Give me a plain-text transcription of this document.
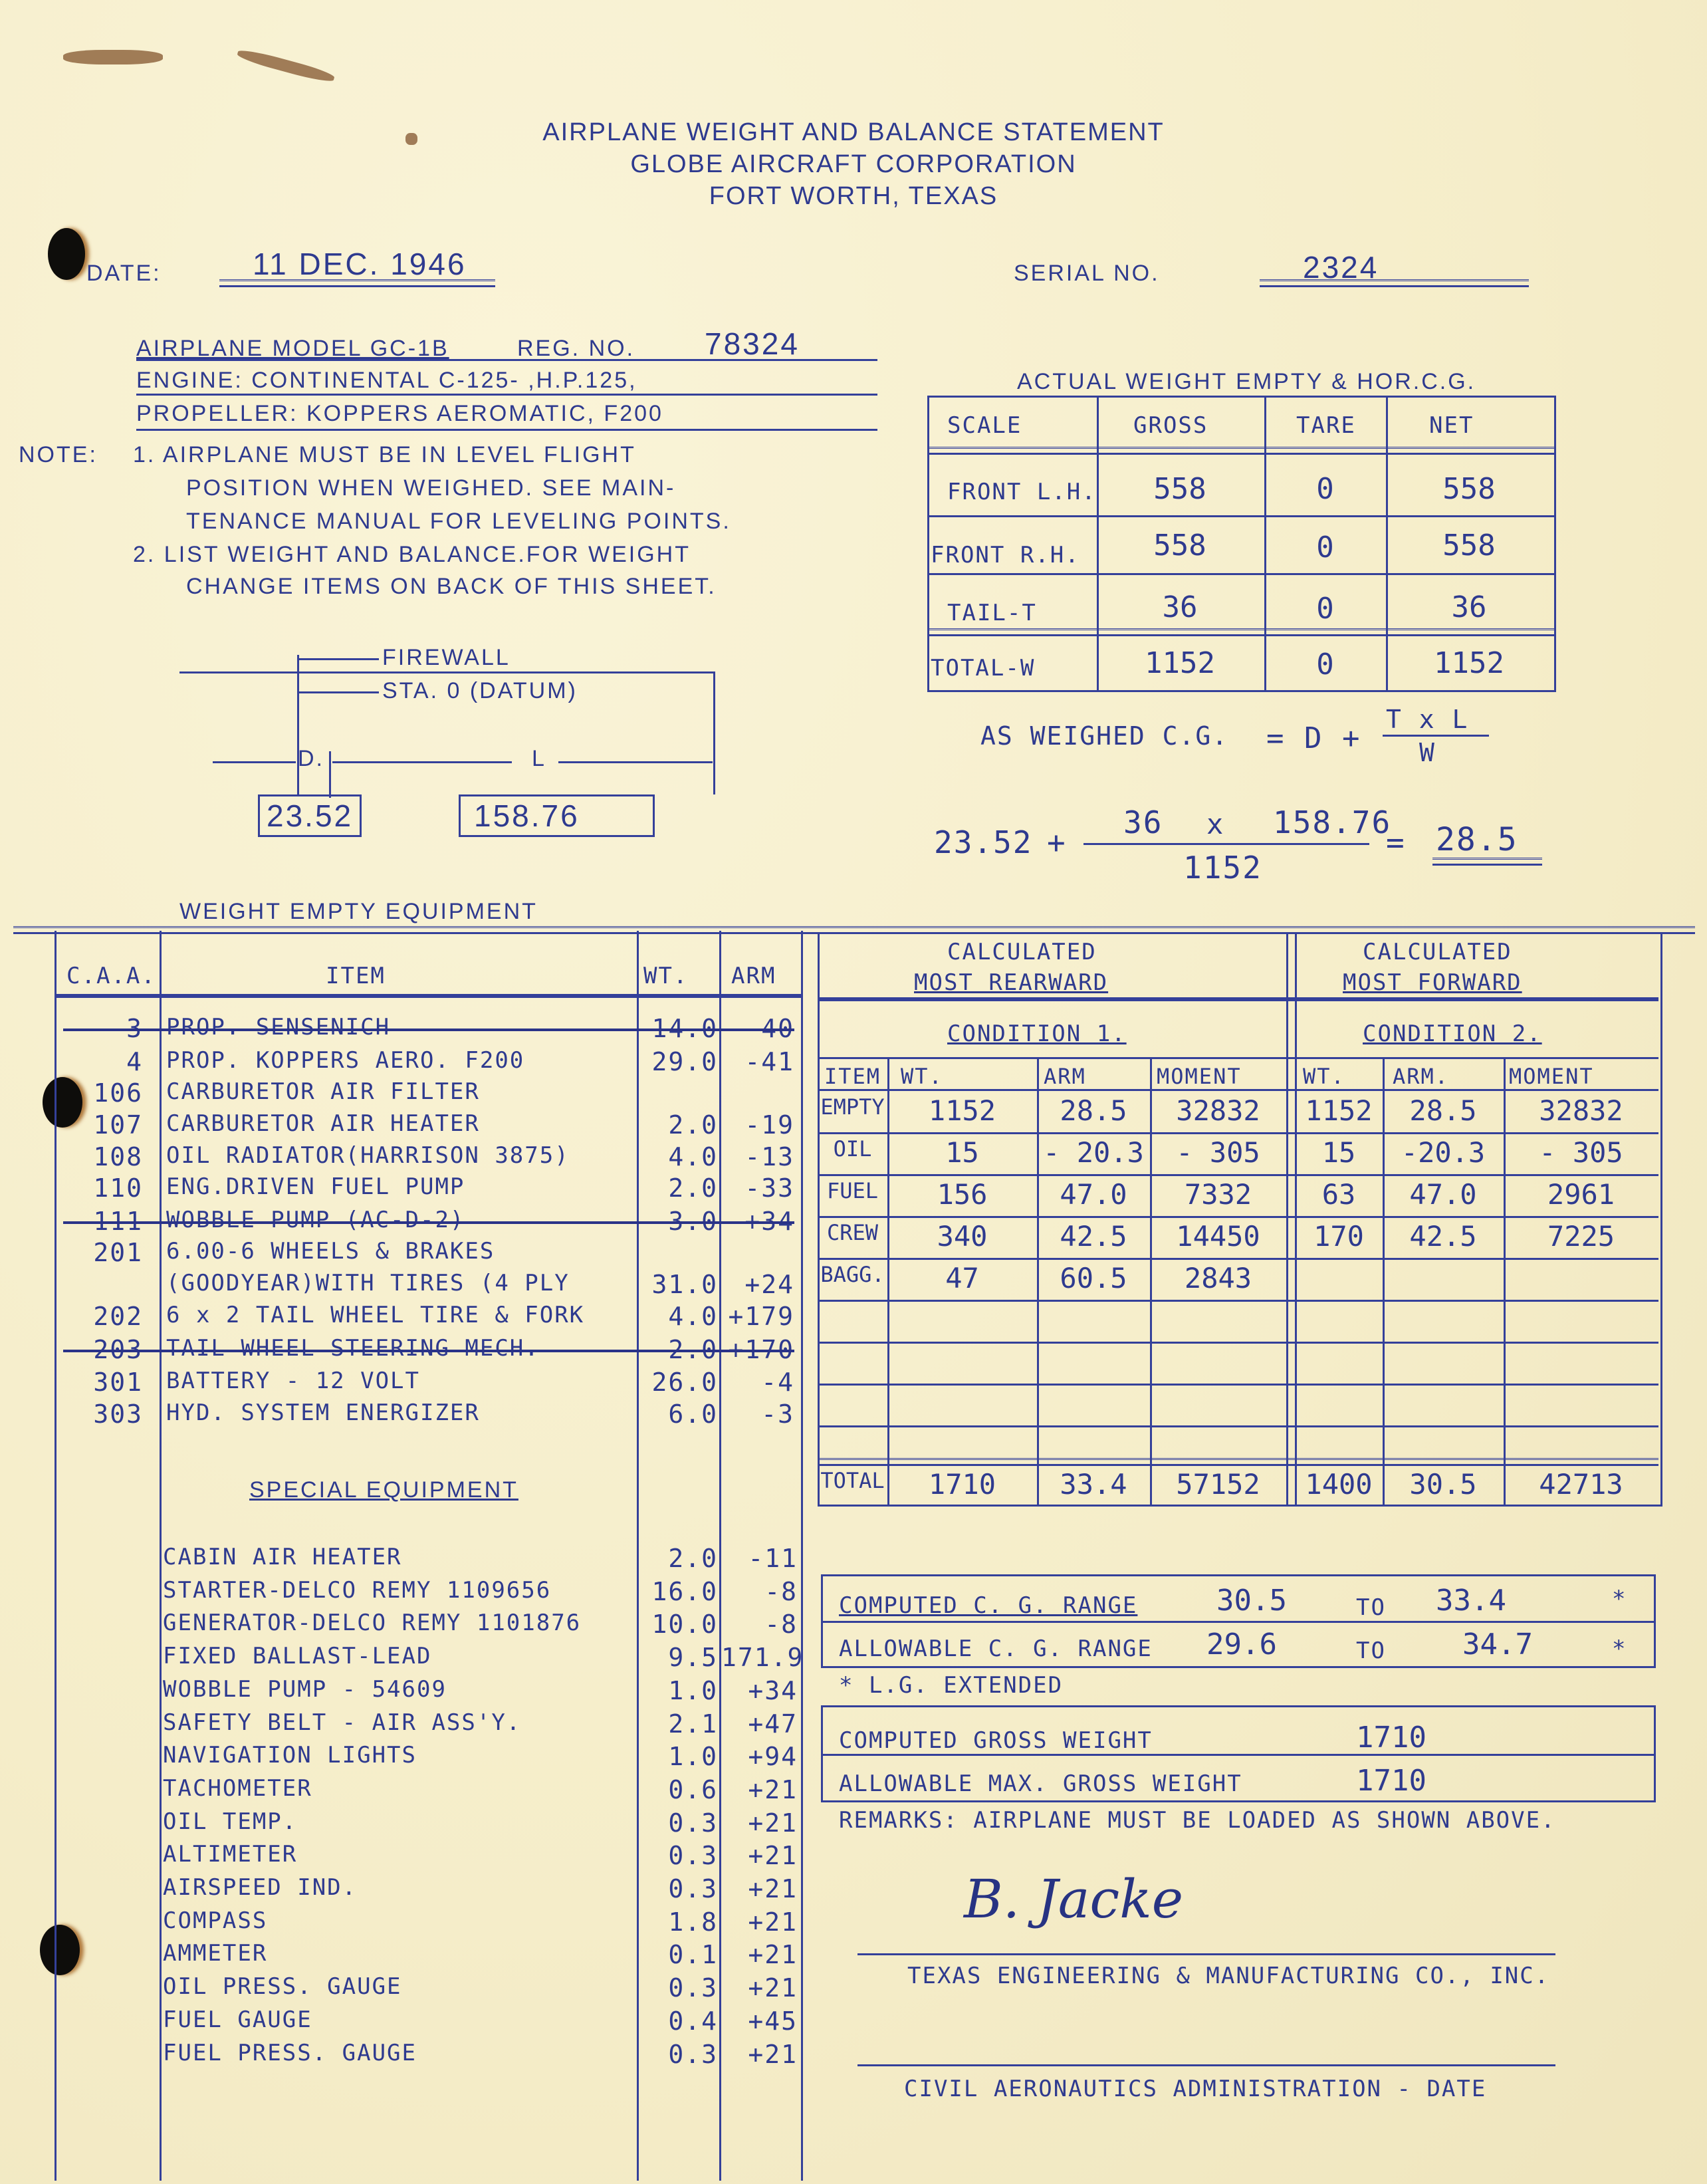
AIRPLANE WEIGHT AND BALANCE STATEMENT
GLOBE AIRCRAFT CORPORATION
FORT WORTH, TEXAS
DATE:	11 DEC. 1946	SERIAL NO.	2324
AIRPLANE MODEL GC-1B	REG. NO. 78324
ENGINE: CONTINENTAL C-125- ,H.P.125,
PROPELLER: KOPPERS AEROMATIC, F200
NOTE: 1. AIRPLANE MUST BE IN LEVEL FLIGHT
POSITION WHEN WEIGHED. SEE MAIN-
TENANCE MANUAL FOR LEVELING POINTS.
2. LIST WEIGHT AND BALANCE.FOR WEIGHT
CHANGE ITEMS ON BACK OF THIS SHEET.
FIREWALL
STA. 0 (DATUM)
D.	L
23.52	158.76
ACTUAL WEIGHT EMPTY & HOR.C.G.
SCALE	GROSS	TARE	NET
FRONT L.H.	558	0	558
FRONT R.H.	558	0	558
TAIL-T	36	0	36
TOTAL-W	1152	0	1152
AS WEIGHED C.G. = D +
T x L
W
23.52 +
36 x 158.76
1152
= 28.5
WEIGHT EMPTY EQUIPMENT
C.A.A.	ITEM	WT. ARM
3 PROP. SENSENICH	14.0	-40
4 PROP. KOPPERS AERO. F200	29.0	-41
106 CARBURETOR AIR FILTER
107 CARBURETOR AIR HEATER	2.0	-19
108 OIL RADIATOR(HARRISON 3875)	4.0	-13
110 ENG.DRIVEN FUEL PUMP	2.0	-33
111 WOBBLE PUMP (AC-D-2)	3.0	+34
201 6.00-6 WHEELS & BRAKES
(GOODYEAR)WITH TIRES (4 PLY	31.0	+24
202 6 x 2 TAIL WHEEL TIRE & FORK	4.0 +179
203 TAIL WHEEL STEERING MECH.	2.0 +170
301 BATTERY - 12 VOLT	26.0	-4
303 HYD. SYSTEM ENERGIZER	6.0	-3
SPECIAL EQUIPMENT
CABIN AIR HEATER	2.0	-11
STARTER-DELCO REMY 1109656	16.0	-8
GENERATOR-DELCO REMY 1101876	10.0	-8
FIXED BALLAST-LEAD	9.5 171.9
WOBBLE PUMP - 54609	1.0	+34
SAFETY BELT - AIR ASS'Y.	2.1	+47
NAVIGATION LIGHTS	1.0	+94
TACHOMETER	0.6	+21
OIL TEMP.	0.3	+21
ALTIMETER	0.3	+21
AIRSPEED IND.	0.3	+21
COMPASS	1.8	+21
AMMETER	0.1	+21
OIL PRESS. GAUGE	0.3	+21
FUEL GAUGE	0.4	+45
FUEL PRESS. GAUGE	0.3	+21
CALCULATED
MOST REARWARD
CALCULATED
MOST FORWARD
CONDITION 1.	CONDITION 2.
ITEM WT.	ARM	MOMENT	WT. ARM.	MOMENT
EMPTY	1152	28.5	32832	1152	28.5	32832
OIL	15	- 20.3	- 305	15	-20.3	- 305
FUEL	156	47.0	7332	63	47.0	2961
CREW	340	42.5	14450	170	42.5	7225
BAGG.	47	60.5	2843
TOTAL	1710	33.4	57152	1400	30.5	42713
COMPUTED C. G. RANGE	30.5	TO 33.4	*
ALLOWABLE C. G. RANGE 29.6	TO	34.7	*
* L.G. EXTENDED
COMPUTED GROSS WEIGHT	1710
ALLOWABLE MAX. GROSS WEIGHT	1710
REMARKS: AIRPLANE MUST BE LOADED AS SHOWN ABOVE.
B. Jacke
TEXAS ENGINEERING & MANUFACTURING CO., INC.
CIVIL AERONAUTICS ADMINISTRATION - DATE
